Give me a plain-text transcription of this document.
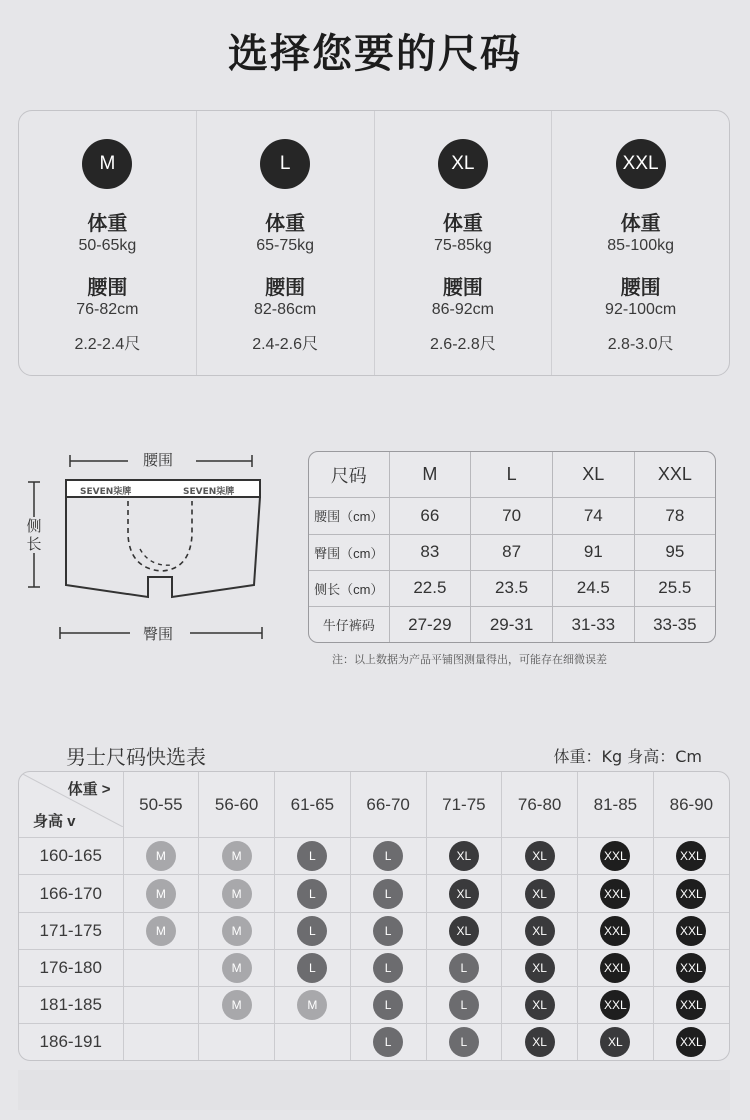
选择您要的尺码
M
体重
50-65kg
腰围
76-82cm
2.2-2.4尺
L
体重
65-75kg
腰围
82-86cm
2.4-2.6尺
XL
体重
75-85kg
腰围
86-92cm
2.6-2.8尺
XXL
体重
85-100kg
腰围
92-100cm
2.8-3.0尺
腰围
臀围
侧长
SEVEN柒牌	SEVEN柒牌
尺码	M	L	XL	XXL
腰围（cm）	66	70	74	78
臀围（cm）	83	87	91	95
侧长（cm）	22.5	23.5	24.5	25.5
牛仔裤码	27-29	29-31	31-33	33-35
注：以上数据为产品平铺图测量得出，可能存在细微误差
男士尺码快选表	体重：Kg 身高：Cm
体重 >
身高 v	50-55	56-60	61-65	66-70	71-75	76-80	81-85	86-90
160-165	M	M	L	L	XL	XL	XXL	XXL
166-170	M	M	L	L	XL	XL	XXL	XXL
171-175	M	M	L	L	XL	XL	XXL	XXL
176-180		M	L	L	L	XL	XXL	XXL
181-185		M	M	L	L	XL	XXL	XXL
186-191				L	L	XL	XL	XXL
